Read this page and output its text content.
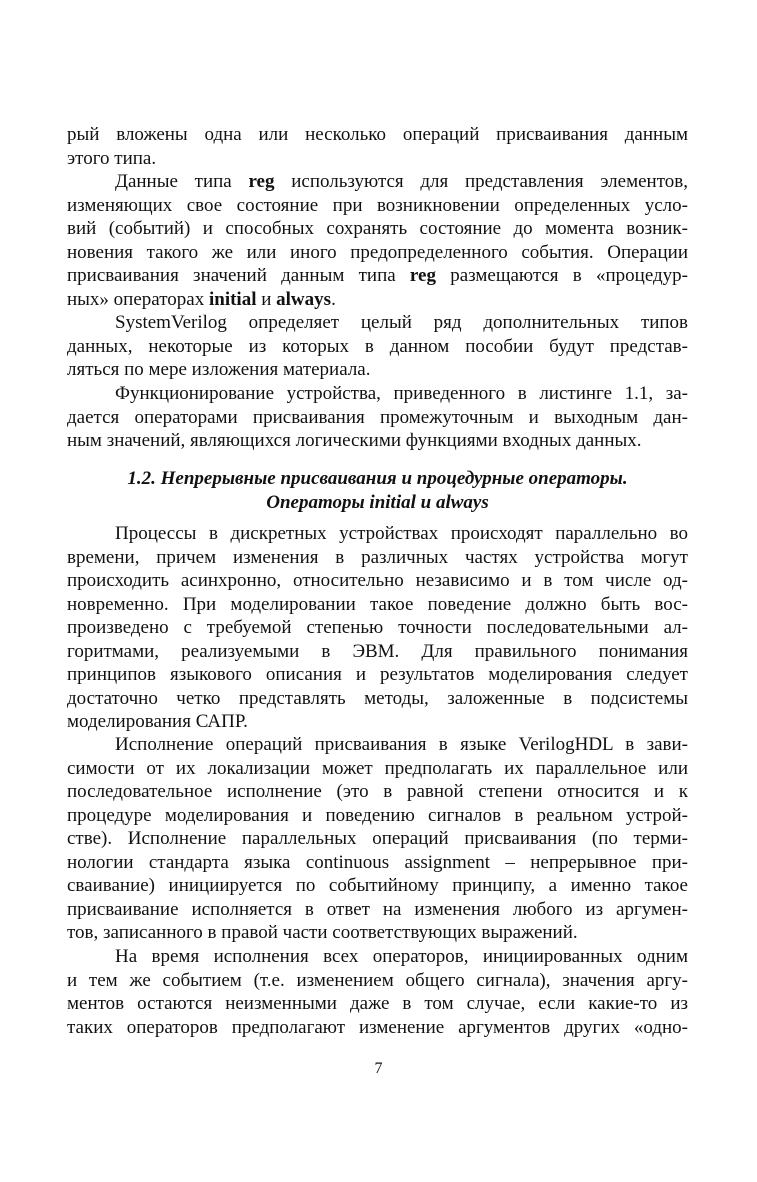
рый вложены одна или несколько операций присваивания данным
этого типа.
Данные типа reg используются для представления элементов,
изменяющих свое состояние при возникновении определенных усло-
вий (событий) и способных сохранять состояние до момента возник-
новения такого же или иного предопределенного события. Операции
присваивания значений данным типа reg размещаются в «процедур-
ных» операторах initial и always.
SystemVerilog определяет целый ряд дополнительных типов
данных, некоторые из которых в данном пособии будут представ-
ляться по мере изложения материала.
Функционирование устройства, приведенного в листинге 1.1, за-
дается операторами присваивания промежуточным и выходным дан-
ным значений, являющихся логическими функциями входных данных.
1.2. Непрерывные присваивания и процедурные операторы.
Операторы initial и always
Процессы в дискретных устройствах происходят параллельно во
времени, причем изменения в различных частях устройства могут
происходить асинхронно, относительно независимо и в том числе од-
новременно. При моделировании такое поведение должно быть вос-
произведено с требуемой степенью точности последовательными ал-
горитмами, реализуемыми в ЭВМ. Для правильного понимания
принципов языкового описания и результатов моделирования следует
достаточно четко представлять методы, заложенные в подсистемы
моделирования САПР.
Исполнение операций присваивания в языке VerilogHDL в зави-
симости от их локализации может предполагать их параллельное или
последовательное исполнение (это в равной степени относится и к
процедуре моделирования и поведению сигналов в реальном устрой-
стве). Исполнение параллельных операций присваивания (по терми-
нологии стандарта языка continuous assignment – непрерывное при-
сваивание) инициируется по событийному принципу, а именно такое
присваивание исполняется в ответ на изменения любого из аргумен-
тов, записанного в правой части соответствующих выражений.
На время исполнения всех операторов, инициированных одним
и тем же событием (т.е. изменением общего сигнала), значения аргу-
ментов остаются неизменными даже в том случае, если какие-то из
таких операторов предполагают изменение аргументов других «одно-
7
